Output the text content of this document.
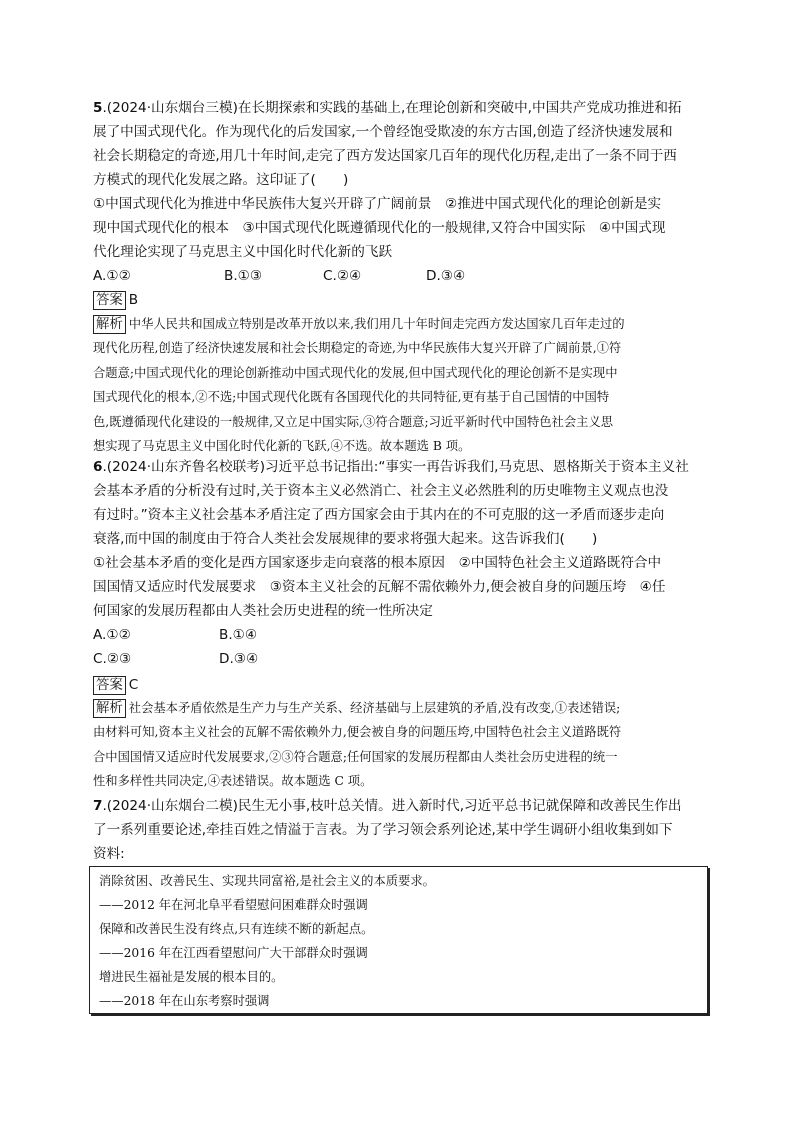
5.(2024·山东烟台三模)在长期探索和实践的基础上,在理论创新和突破中,中国共产党成功推进和拓
展了中国式现代化。作为现代化的后发国家,一个曾经饱受欺凌的东方古国,创造了经济快速发展和
社会长期稳定的奇迹,用几十年时间,走完了西方发达国家几百年的现代化历程,走出了一条不同于西
方模式的现代化发展之路。这印证了(　　)
①中国式现代化为推进中华民族伟大复兴开辟了广阔前景　②推进中国式现代化的理论创新是实
现中国式现代化的根本　③中国式现代化既遵循现代化的一般规律,又符合中国实际　④中国式现
代化理论实现了马克思主义中国化时代化新的飞跃
A.①②	B.①③	C.②④	D.③④
答案 B
解析 中华人民共和国成立特别是改革开放以来,我们用几十年时间走完西方发达国家几百年走过的
现代化历程,创造了经济快速发展和社会长期稳定的奇迹,为中华民族伟大复兴开辟了广阔前景,①符
合题意;中国式现代化的理论创新推动中国式现代化的发展,但中国式现代化的理论创新不是实现中
国式现代化的根本,②不选;中国式现代化既有各国现代化的共同特征,更有基于自己国情的中国特
色,既遵循现代化建设的一般规律,又立足中国实际,③符合题意;习近平新时代中国特色社会主义思
想实现了马克思主义中国化时代化新的飞跃,④不选。故本题选 B 项。
6.(2024·山东齐鲁名校联考)习近平总书记指出:“事实一再告诉我们,马克思、恩格斯关于资本主义社
会基本矛盾的分析没有过时,关于资本主义必然消亡、社会主义必然胜利的历史唯物主义观点也没
有过时。”资本主义社会基本矛盾注定了西方国家会由于其内在的不可克服的这一矛盾而逐步走向
衰落,而中国的制度由于符合人类社会发展规律的要求将强大起来。这告诉我们(　　)
①社会基本矛盾的变化是西方国家逐步走向衰落的根本原因　②中国特色社会主义道路既符合中
国国情又适应时代发展要求　③资本主义社会的瓦解不需依赖外力,便会被自身的问题压垮　④任
何国家的发展历程都由人类社会历史进程的统一性所决定
A.①②	B.①④
C.②③	D.③④
答案 C
解析 社会基本矛盾依然是生产力与生产关系、经济基础与上层建筑的矛盾,没有改变,①表述错误;
由材料可知,资本主义社会的瓦解不需依赖外力,便会被自身的问题压垮,中国特色社会主义道路既符
合中国国情又适应时代发展要求,②③符合题意;任何国家的发展历程都由人类社会历史进程的统一
性和多样性共同决定,④表述错误。故本题选 C 项。
7.(2024·山东烟台二模)民生无小事,枝叶总关情。进入新时代,习近平总书记就保障和改善民生作出
了一系列重要论述,牵挂百姓之情溢于言表。为了学习领会系列论述,某中学生调研小组收集到如下
资料:
消除贫困、改善民生、实现共同富裕,是社会主义的本质要求。
——2012 年在河北阜平看望慰问困难群众时强调
保障和改善民生没有终点,只有连续不断的新起点。
——2016 年在江西看望慰问广大干部群众时强调
增进民生福祉是发展的根本目的。
——2018 年在山东考察时强调
